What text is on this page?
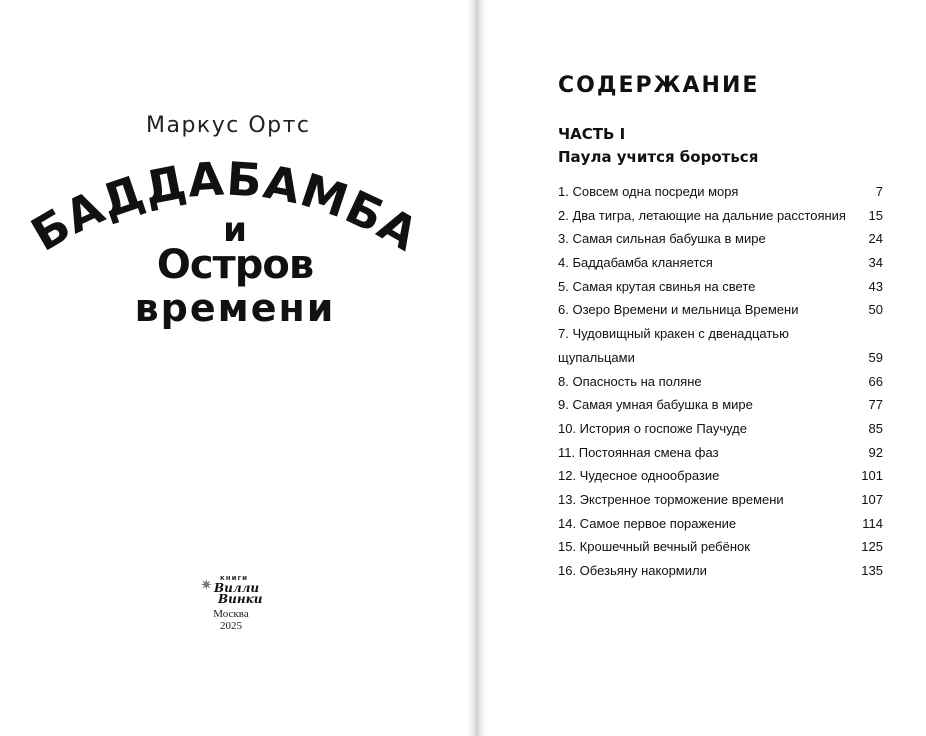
Маркус Ортс
БАДДАБАМБА
и
Остров
времени
✷ книги
Вилли
Винки
Москва
2025
СОДЕРЖАНИЕ
ЧАСТЬ I
Паула учится бороться
1. Совсем одна посреди моря	7
2. Два тигра, летающие на дальние расстояния	15
3. Самая сильная бабушка в мире	24
4. Баддабамба кланяется	34
5. Самая крутая свинья на свете	43
6. Озеро Времени и мельница Времени	50
7. Чудовищный кракен с двенадцатью
щупальцами	59
8. Опасность на поляне	66
9. Самая умная бабушка в мире	77
10. История о госпоже Паучуде	85
11. Постоянная смена фаз	92
12. Чудесное однообразие	101
13. Экстренное торможение времени	107
14. Самое первое поражение	114
15. Крошечный вечный ребёнок	125
16. Обезьяну накормили	135
